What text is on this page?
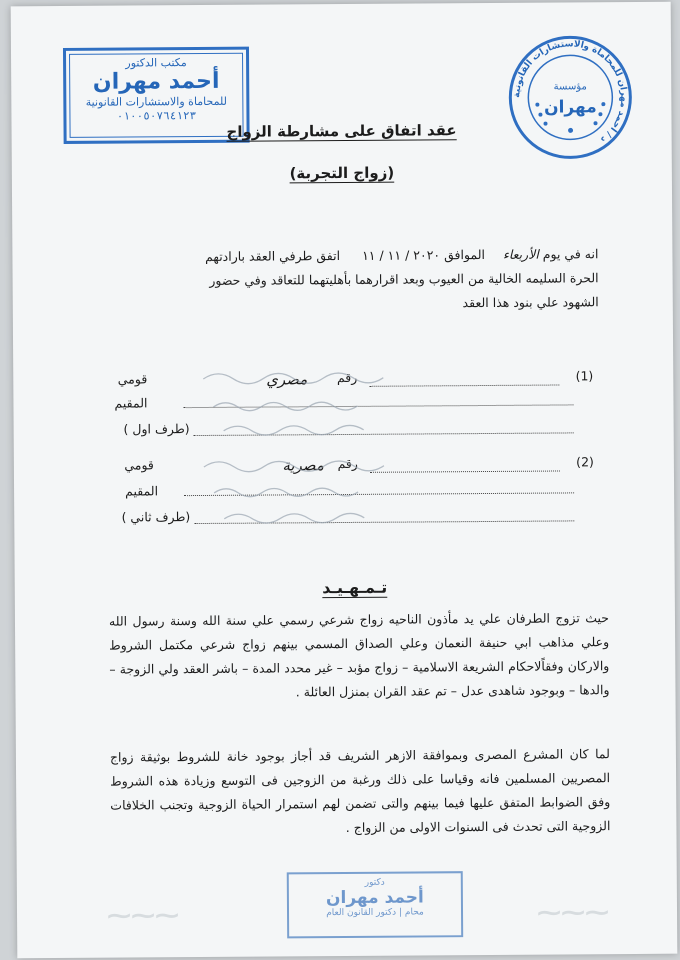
مكتب الدكتور
أحمد مهران
للمحاماة والاستشارات القانونية
٠١٠٠٥٠٧٦٤١٢٣
د / أحمد مهران للمحاماة والاستشارات القانونية
مؤسسة
مهران
عقد اتفاق على مشارطة الزواج
(زواج التجربة)
انه في يوم الأربعاء الموافق ٢٠٢٠ / ١١ / ١١ اتفق طرفي العقد بارادتهم
الحرة السليمه الخالية من العيوب وبعد اقرارهما بأهليتهما للتعاقد وفي حضور
الشهود علي بنود هذا العقد
(1)
رقم
مصري
قومي
المقيم
(طرف اول )
(2)
رقم
مصرية
قومي
المقيم
(طرف ثاني )
تـمـهـيـد
حيث تزوج الطرفان علي يد مأذون الناحيه زواج شرعي رسمي علي سنة الله وسنة رسول الله وعلي مذاهب ابي حنيفة النعمان وعلي الصداق المسمي بينهم زواج شرعي مكتمل الشروط والاركان وفقاًلاحكام الشريعة الاسلامية – زواج مؤبد – غير محدد المدة – باشر العقد ولي الزوجة – والدها – وبوجود شاهدى عدل – تم عقد القران بمنزل العائلة .
لما كان المشرع المصرى وبموافقة الازهر الشريف قد أجاز بوجود خانة للشروط بوثيقة زواج المصريين المسلمين فانه وقياسا على ذلك ورغبة من الزوجين فى التوسع وزيادة هذه الشروط وفق الضوابط المتفق عليها فيما بينهم والتى تضمن لهم استمرار الحياة الزوجية وتجنب الخلافات الزوجية التى تحدث فى السنوات الاولى من الزواج .
دكتور
أحمد مهران
محام | دكتور القانون العام
⁓⁓⁓	⁓⁓⁓
